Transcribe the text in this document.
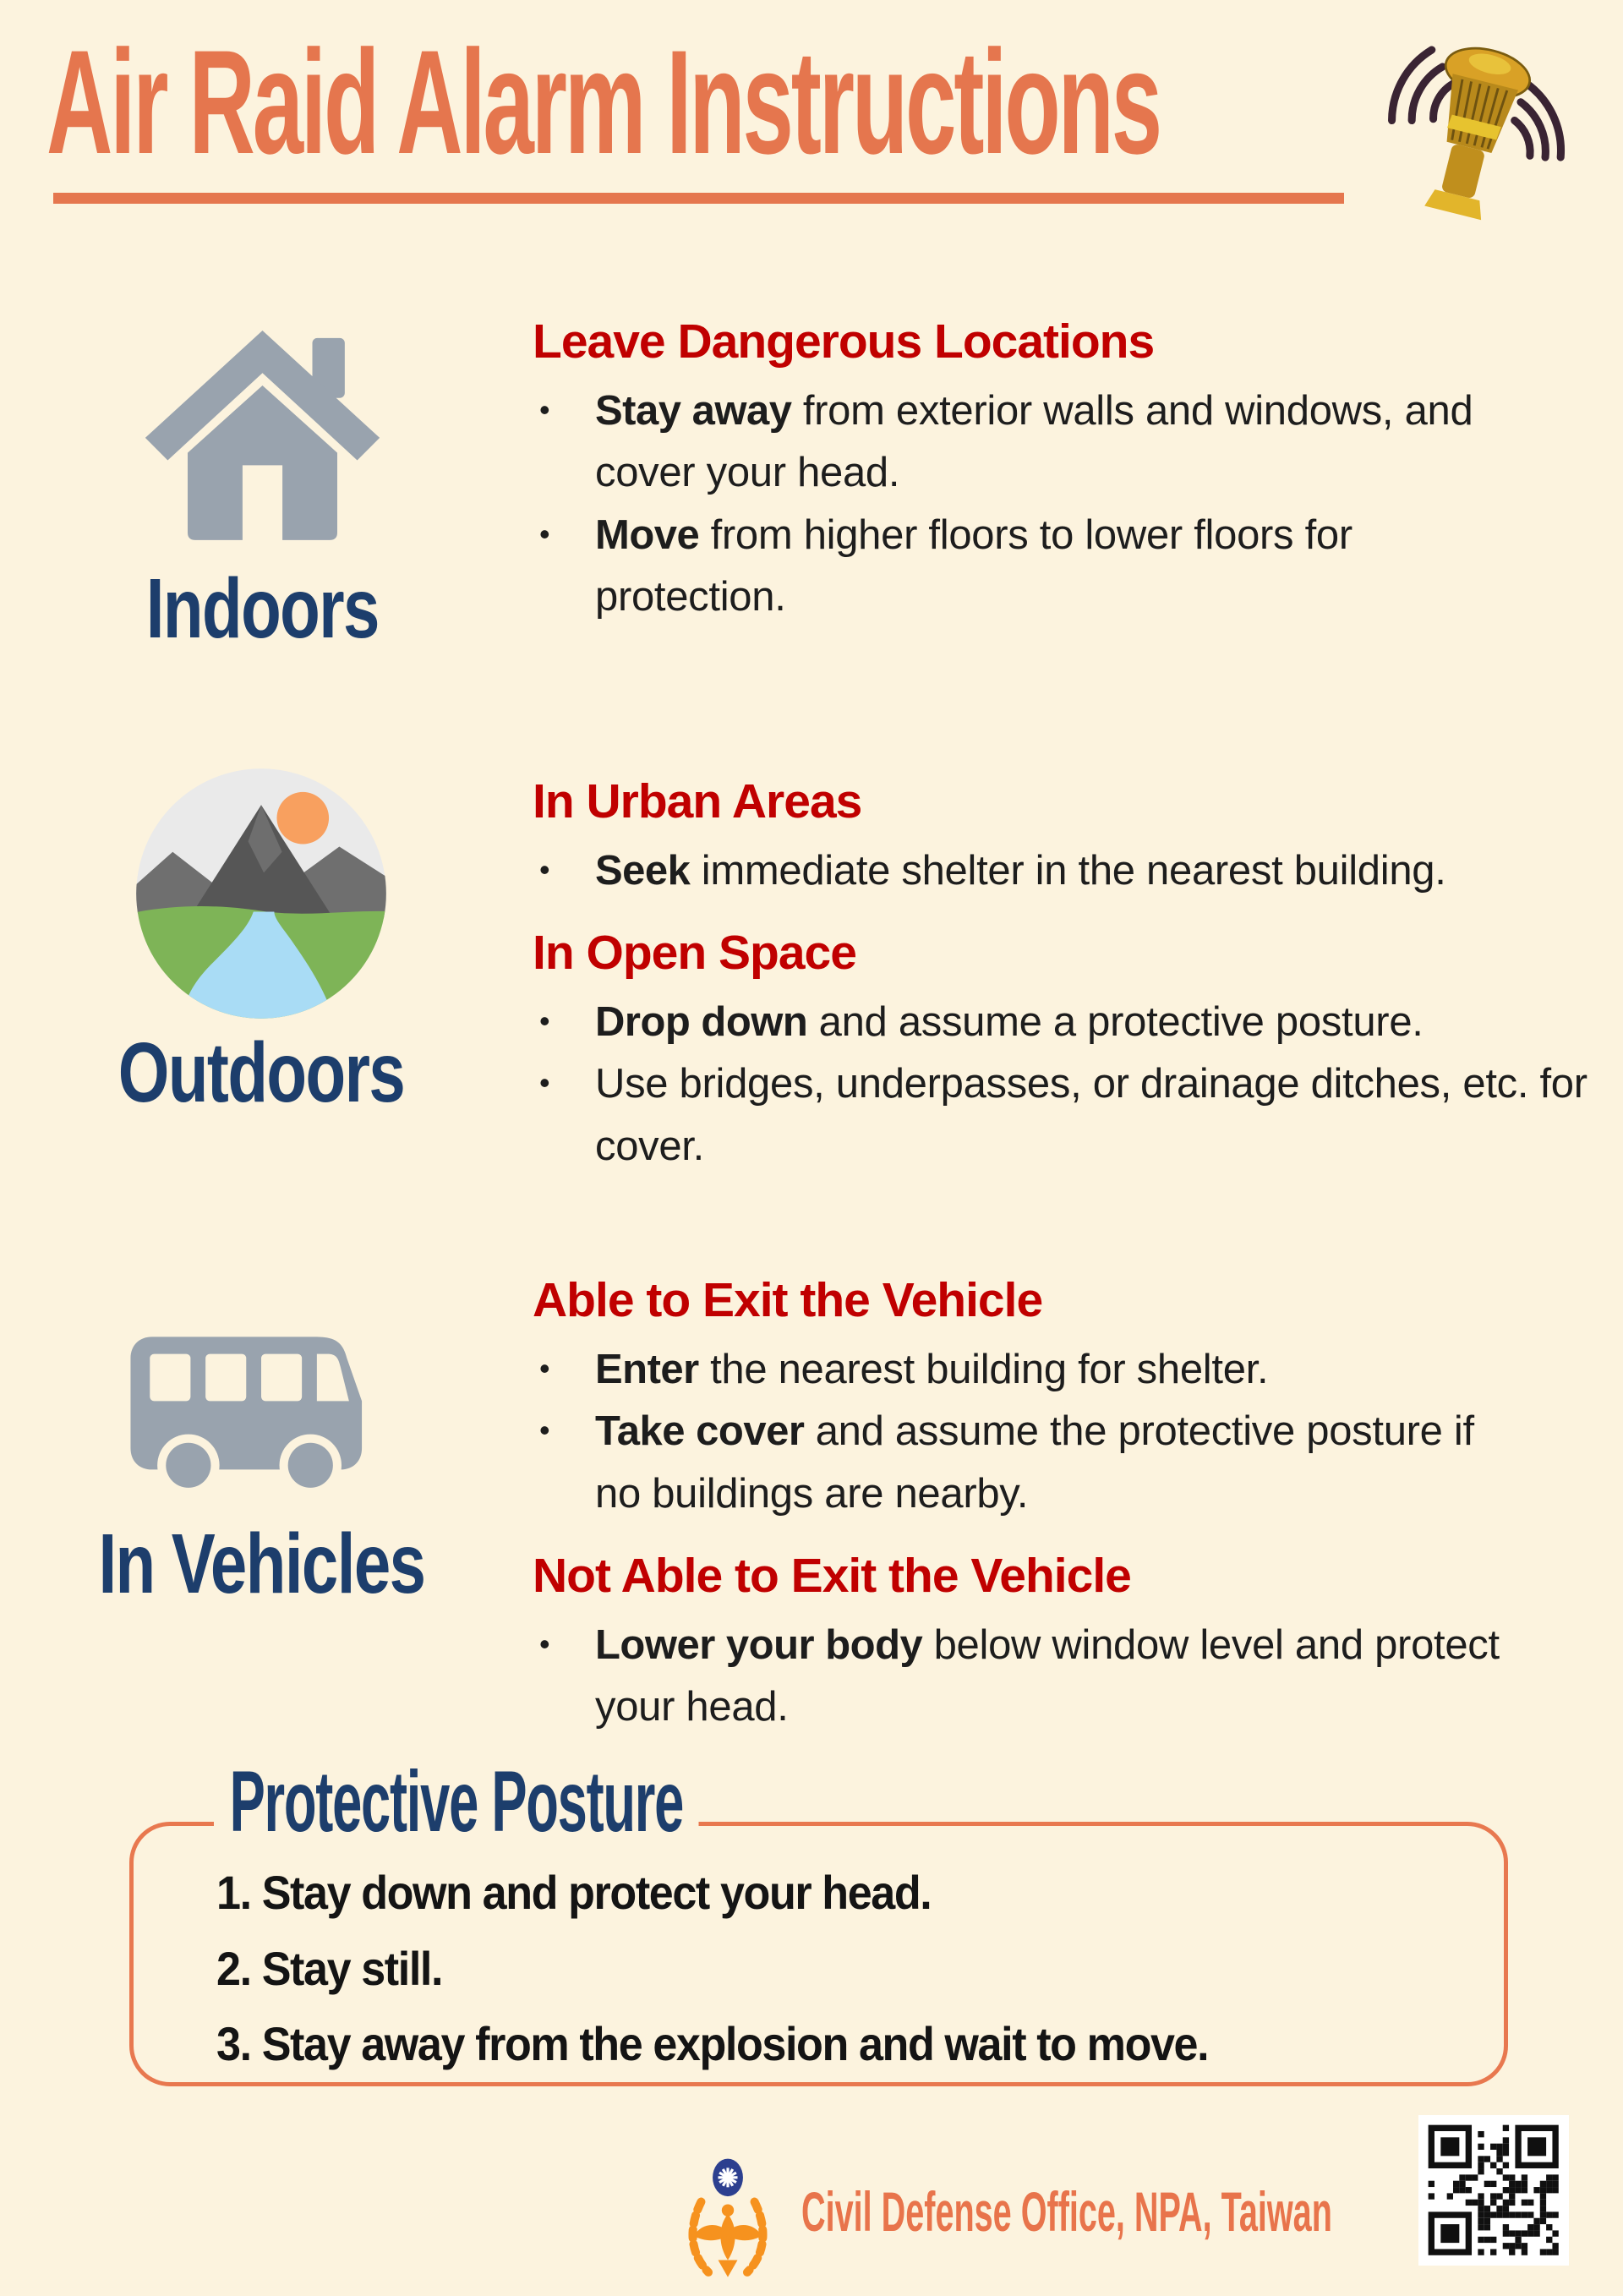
Air Raid Alarm Instructions
Indoors
Leave Dangerous Locations
•	Stay away from exterior walls and windows, and cover your head.
•	Move from higher floors to lower floors for protection.
Outdoors
In Urban Areas
•	Seek immediate shelter in the nearest building.
In Open Space
•	Drop down and assume a protective posture.
•	Use bridges, underpasses, or drainage ditches, etc. for cover.
In Vehicles
Able to Exit the Vehicle
•	Enter the nearest building for shelter.
•	Take cover and assume the protective posture if no buildings are nearby.
Not Able to Exit the Vehicle
•	Lower your body below window level and protect your head.
Protective Posture
1. Stay down and protect your head.
2. Stay still.
3. Stay away from the explosion and wait to move.
Civil Defense Office, NPA, Taiwan
